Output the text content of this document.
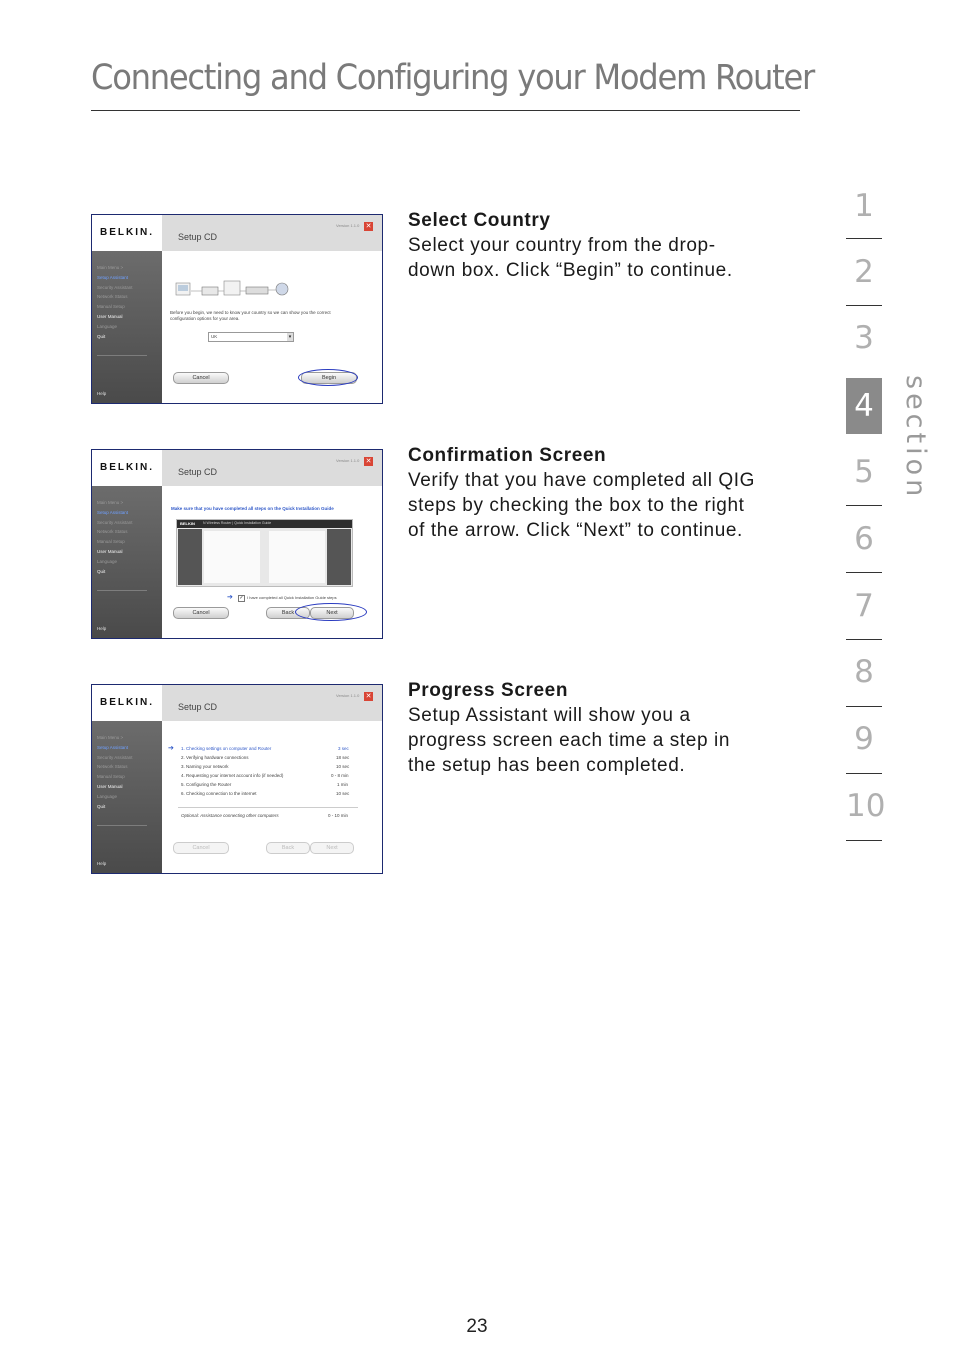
Connecting and Configuring your Modem Router
1
2
3
4
5
6
7
8
9
10
section
BELKIN.	Setup CD
Version 1.1.0 ✕
Main Menu >
Setup Assistant
Security Assistant
Network Status
Manual Setup
User Manual
Language
Quit
Help
Before you begin, we need to know your country so we can show you the correct
configuration options for your area.
UK	▾
Cancel	Begin
Select Country

Select your country from the drop-

down box. Click “Begin” to continue.

BELKIN.	Setup CD
Version 1.1.0 ✕
Main Menu >
Setup Assistant
Security Assistant
Network Status
Manual Setup
User Manual
Language
Quit
Help
Make sure that you have completed all steps on the Quick Installation Guide
BELKIN N Wireless Router | Quick Installation Guide
➔ ✓ I have completed all Quick Installation Guide steps
Cancel	Back	Next
Confirmation Screen

Verify that you have completed all QIG

steps by checking the box to the right

of the arrow. Click “Next” to continue.

BELKIN.	Setup CD
Version 1.1.0 ✕
Main Menu >
Setup Assistant
Security Assistant
Network Status
Manual Setup
User Manual
Language
Quit
Help
➔ 1. Checking settings on computer and Router	3 sec
2. Verifying hardware connections	18 sec
3. Naming your network	10 sec
4. Requesting your internet account info (if needed)	0 - 8 min
5. Configuring the Router	1 min
6. Checking connection to the internet	10 sec
Optional: Assistance connecting other computers	0 - 10 min
Cancel	Back	Next
Progress Screen

Setup Assistant will show you a

progress screen each time a step in

the setup has been completed.

23
